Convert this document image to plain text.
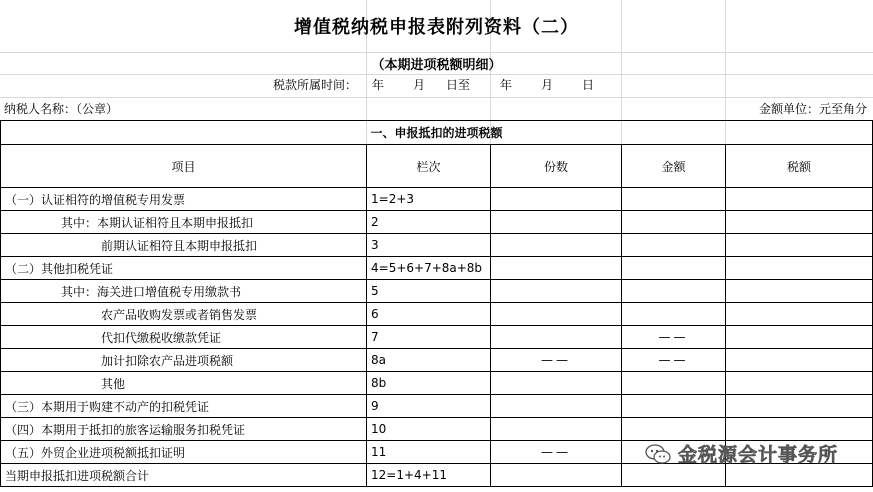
增值税纳税申报表附列资料（二）
（本期进项税额明细）
税款所属时间： 年 月 日至 年 月 日
纳税人名称：（公章）	金额单位：元至角分
一、申报抵扣的进项税额				
项目	栏次	份数	金额	税额
（一）认证相符的增值税专用发票	1=2+3			
其中：本期认证相符且本期申报抵扣	2			
前期认证相符且本期申报抵扣	3			
（二）其他扣税凭证	4=5+6+7+8a+8b			
其中：海关进口增值税专用缴款书	5			
农产品收购发票或者销售发票	6			
代扣代缴税收缴款凭证	7		——	
加计扣除农产品进项税额	8a	——	——	
其他	8b			
（三）本期用于购建不动产的扣税凭证	9			
（四）本期用于抵扣的旅客运输服务扣税凭证	10			
（五）外贸企业进项税额抵扣证明	11	——		
当期申报抵扣进项税额合计	12=1+4+11			
金税源会计事务所
